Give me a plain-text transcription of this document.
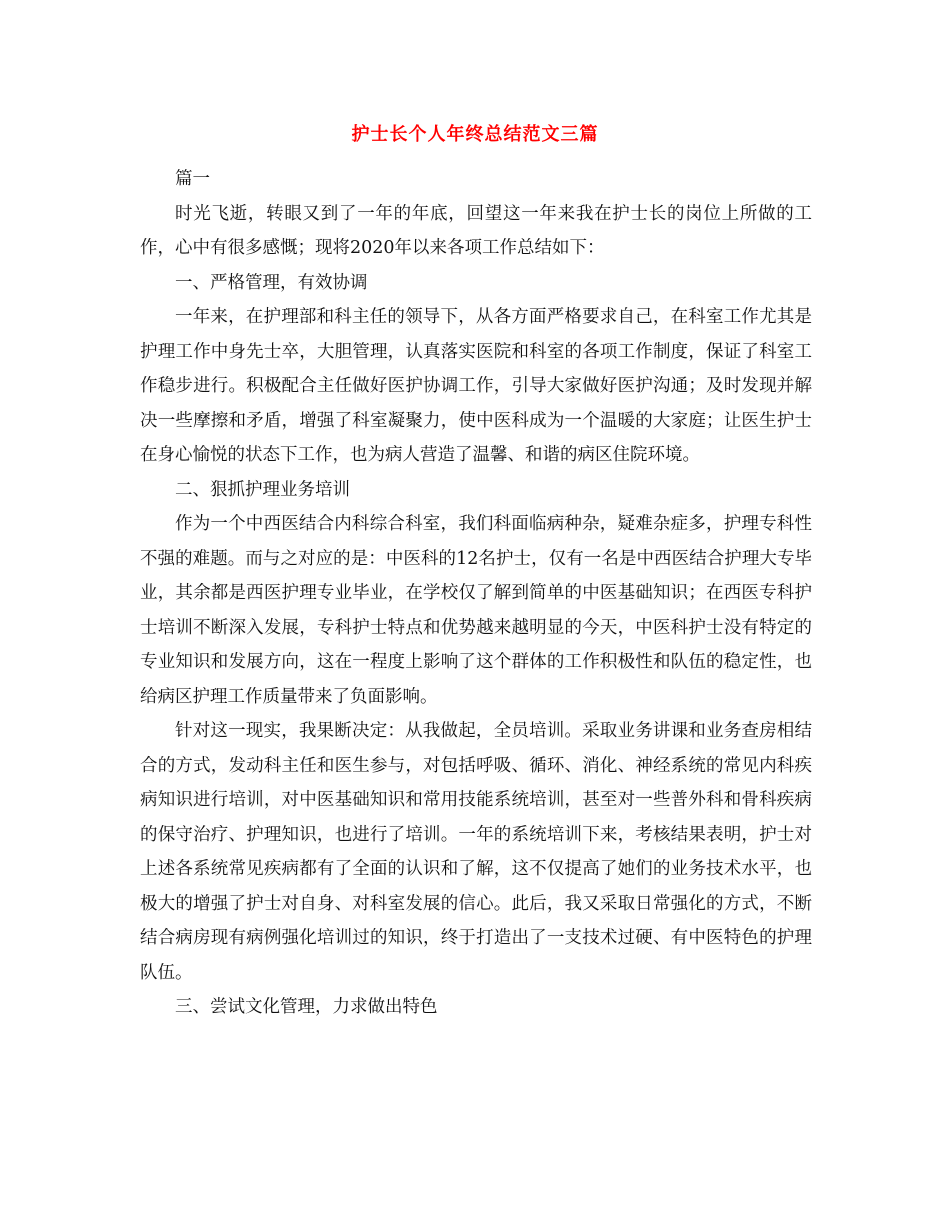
护士长个人年终总结范文三篇

篇一

时光飞逝，转眼又到了一年的年底，回望这一年来我在护士长的岗位上所做的工作，心中有很多感慨；现将2020年以来各项工作总结如下：

一、严格管理，有效协调

一年来，在护理部和科主任的领导下，从各方面严格要求自己，在科室工作尤其是护理工作中身先士卒，大胆管理，认真落实医院和科室的各项工作制度，保证了科室工作稳步进行。积极配合主任做好医护协调工作，引导大家做好医护沟通；及时发现并解决一些摩擦和矛盾，增强了科室凝聚力，使中医科成为一个温暖的大家庭；让医生护士在身心愉悦的状态下工作，也为病人营造了温馨、和谐的病区住院环境。

二、狠抓护理业务培训

作为一个中西医结合内科综合科室，我们科面临病种杂，疑难杂症多，护理专科性不强的难题。而与之对应的是：中医科的12名护士，仅有一名是中西医结合护理大专毕业，其余都是西医护理专业毕业，在学校仅了解到简单的中医基础知识；在西医专科护士培训不断深入发展，专科护士特点和优势越来越明显的今天，中医科护士没有特定的专业知识和发展方向，这在一程度上影响了这个群体的工作积极性和队伍的稳定性，也给病区护理工作质量带来了负面影响。

针对这一现实，我果断决定：从我做起，全员培训。采取业务讲课和业务查房相结合的方式，发动科主任和医生参与，对包括呼吸、循环、消化、神经系统的常见内科疾病知识进行培训，对中医基础知识和常用技能系统培训，甚至对一些普外科和骨科疾病的保守治疗、护理知识，也进行了培训。一年的系统培训下来，考核结果表明，护士对上述各系统常见疾病都有了全面的认识和了解，这不仅提高了她们的业务技术水平，也极大的增强了护士对自身、对科室发展的信心。此后，我又采取日常强化的方式，不断结合病房现有病例强化培训过的知识，终于打造出了一支技术过硬、有中医特色的护理队伍。

三、尝试文化管理，力求做出特色
